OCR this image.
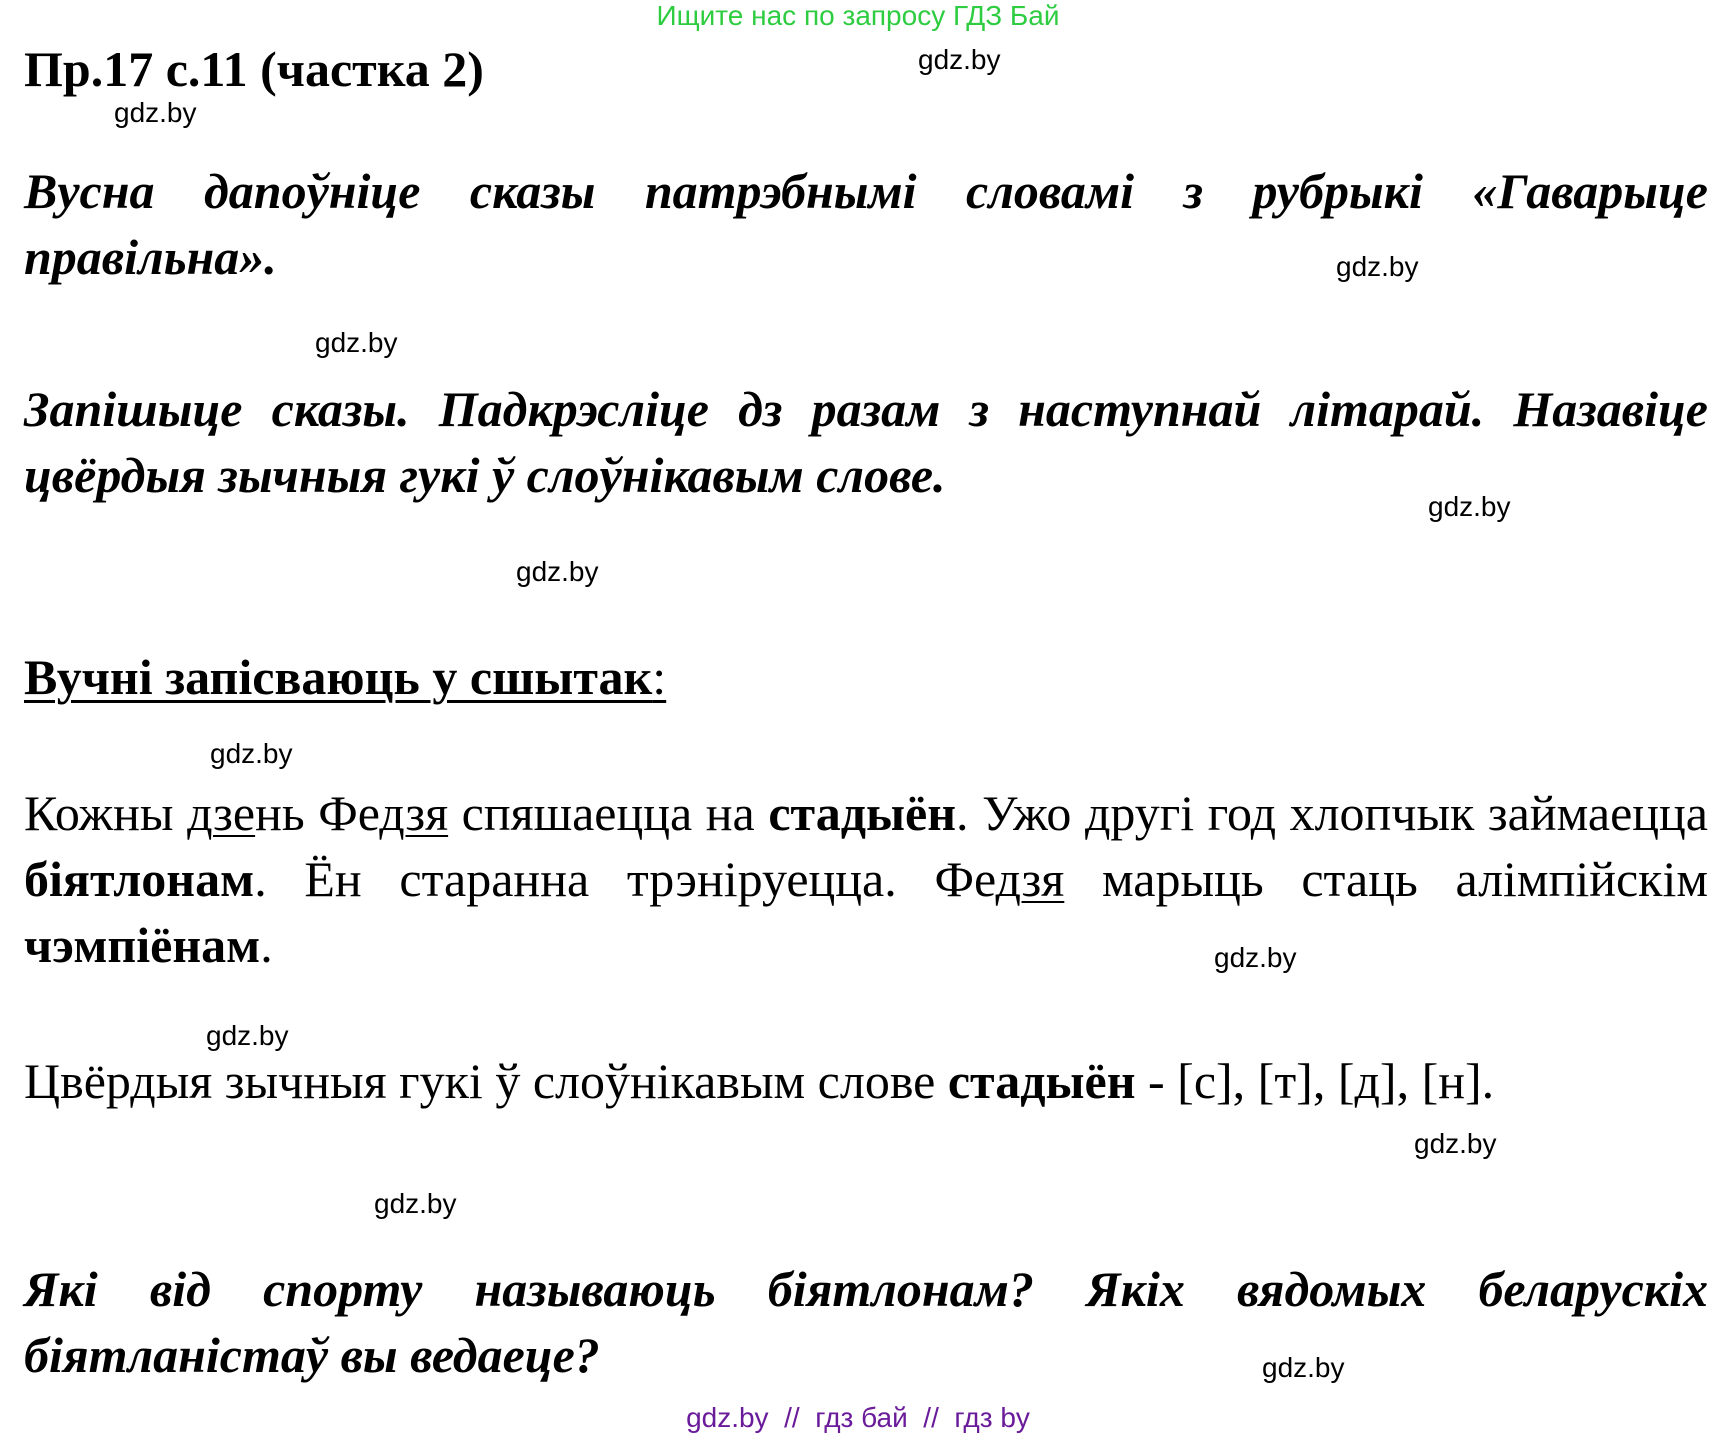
Ищите нас по запросу ГДЗ Бай
Пр.17 с.11 (частка 2)
Вусна дапоўніце сказы патрэбнымі словамі з рубрыкі «Гаварыце правільна».
Запішыце сказы. Падкрэсліце дз разам з наступнай літарай. Назавіце цвёрдыя зычныя гукі ў слоўнікавым слове.
Вучні запісваюць у сшытак:
Кожны дзень Федзя спяшаецца на стадыён. Ужо другі год хлопчык займаецца біятлонам. Ён старанна трэніруецца. Федзя марыць стаць алімпійскім чэмпіёнам.
Цвёрдыя зычныя гукі ў слоўнікавым слове стадыён - [с], [т], [д], [н].
Які від спорту называюць біятлонам? Якіх вядомых беларускіх біятланістаў вы ведаеце?
gdz.by
gdz.by
gdz.by
gdz.by
gdz.by
gdz.by
gdz.by
gdz.by
gdz.by
gdz.by
gdz.by
gdz.by
gdz.by  //  гдз бай  //  гдз by
